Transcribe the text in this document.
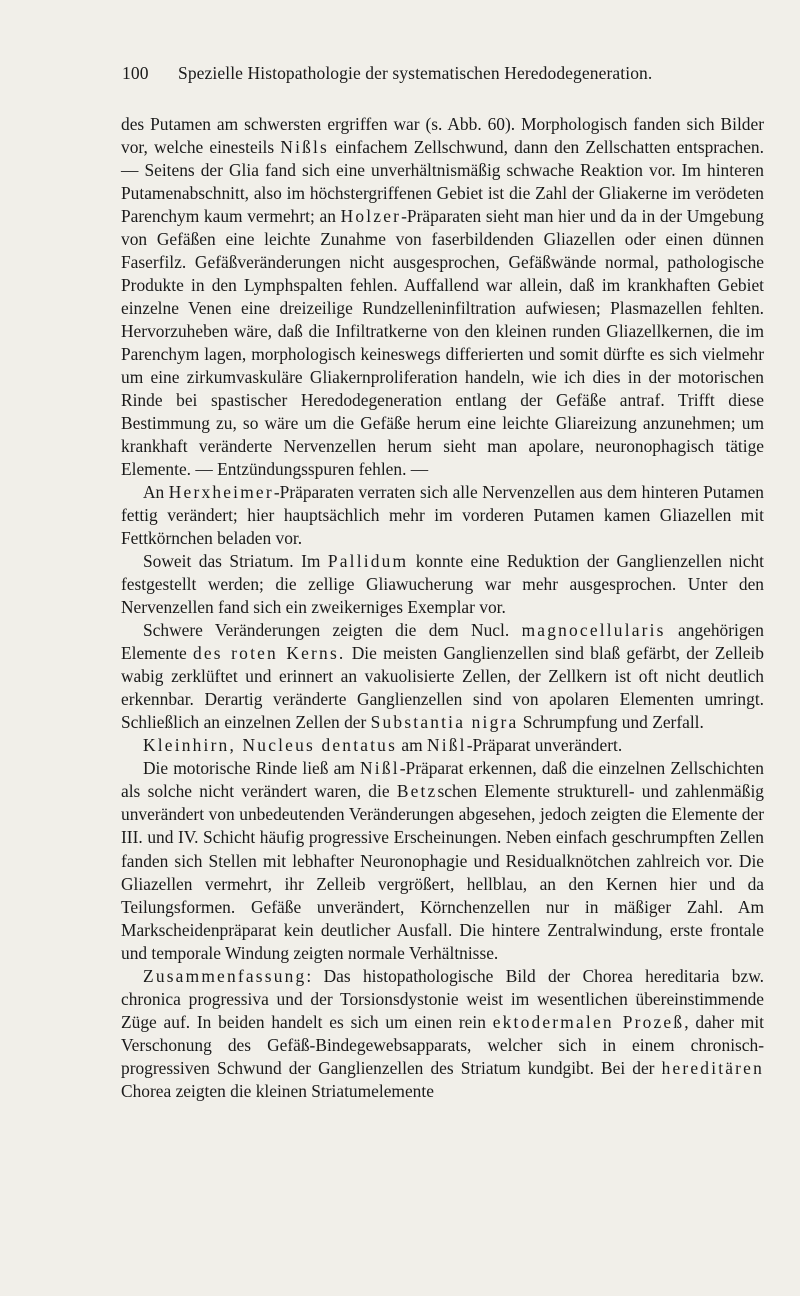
100 Spezielle Histopathologie der systematischen Heredodegeneration.

des Putamen am schwersten ergriffen war (s. Abb. 60). Morphologisch fanden sich Bilder vor, welche einesteils Nißls einfachem Zellschwund, dann den Zellschatten entsprachen. — Seitens der Glia fand sich eine unverhältnismäßig schwache Reaktion vor. Im hinteren Putamenabschnitt, also im höchstergriffenen Gebiet ist die Zahl der Gliakerne im verödeten Parenchym kaum vermehrt; an Holzer-Präparaten sieht man hier und da in der Umgebung von Gefäßen eine leichte Zunahme von faserbildenden Gliazellen oder einen dünnen Faserfilz. Gefäßveränderungen nicht ausgesprochen, Gefäßwände normal, pathologische Produkte in den Lymphspalten fehlen. Auffallend war allein, daß im krankhaften Gebiet einzelne Venen eine dreizeilige Rundzelleninfiltration aufwiesen; Plasmazellen fehlten. Hervorzuheben wäre, daß die Infiltratkerne von den kleinen runden Gliazellkernen, die im Parenchym lagen, morphologisch keineswegs differierten und somit dürfte es sich vielmehr um eine zirkumvaskuläre Gliakernproliferation handeln, wie ich dies in der motorischen Rinde bei spastischer Heredodegeneration entlang der Gefäße antraf. Trifft diese Bestimmung zu, so wäre um die Gefäße herum eine leichte Gliareizung anzunehmen; um krankhaft veränderte Nervenzellen herum sieht man apolare, neuronophagisch tätige Elemente. — Entzündungsspuren fehlen. —

An Herxheimer-Präparaten verraten sich alle Nervenzellen aus dem hinteren Putamen fettig verändert; hier hauptsächlich mehr im vorderen Putamen kamen Gliazellen mit Fettkörnchen beladen vor.

Soweit das Striatum. Im Pallidum konnte eine Reduktion der Ganglienzellen nicht festgestellt werden; die zellige Gliawucherung war mehr ausgesprochen. Unter den Nervenzellen fand sich ein zweikerniges Exemplar vor.

Schwere Veränderungen zeigten die dem Nucl. magnocellularis angehörigen Elemente des roten Kerns. Die meisten Ganglienzellen sind blaß gefärbt, der Zelleib wabig zerklüftet und erinnert an vakuolisierte Zellen, der Zellkern ist oft nicht deutlich erkennbar. Derartig veränderte Ganglienzellen sind von apolaren Elementen umringt. Schließlich an einzelnen Zellen der Substantia nigra Schrumpfung und Zerfall.

Kleinhirn, Nucleus dentatus am Nißl-Präparat unverändert.

Die motorische Rinde ließ am Nißl-Präparat erkennen, daß die einzelnen Zellschichten als solche nicht verändert waren, die Betzschen Elemente strukturell- und zahlenmäßig unverändert von unbedeutenden Veränderungen abgesehen, jedoch zeigten die Elemente der III. und IV. Schicht häufig progressive Erscheinungen. Neben einfach geschrumpften Zellen fanden sich Stellen mit lebhafter Neuronophagie und Residualknötchen zahlreich vor. Die Gliazellen vermehrt, ihr Zelleib vergrößert, hellblau, an den Kernen hier und da Teilungsformen. Gefäße unverändert, Körnchenzellen nur in mäßiger Zahl. Am Markscheidenpräparat kein deutlicher Ausfall. Die hintere Zentralwindung, erste frontale und temporale Windung zeigten normale Verhältnisse.

Zusammenfassung: Das histopathologische Bild der Chorea hereditaria bzw. chronica progressiva und der Torsionsdystonie weist im wesentlichen übereinstimmende Züge auf. In beiden handelt es sich um einen rein ektodermalen Prozeß, daher mit Verschonung des Gefäß-Bindegewebsapparats, welcher sich in einem chronisch-progressiven Schwund der Ganglienzellen des Striatum kundgibt. Bei der hereditären Chorea zeigten die kleinen Striatumelemente
